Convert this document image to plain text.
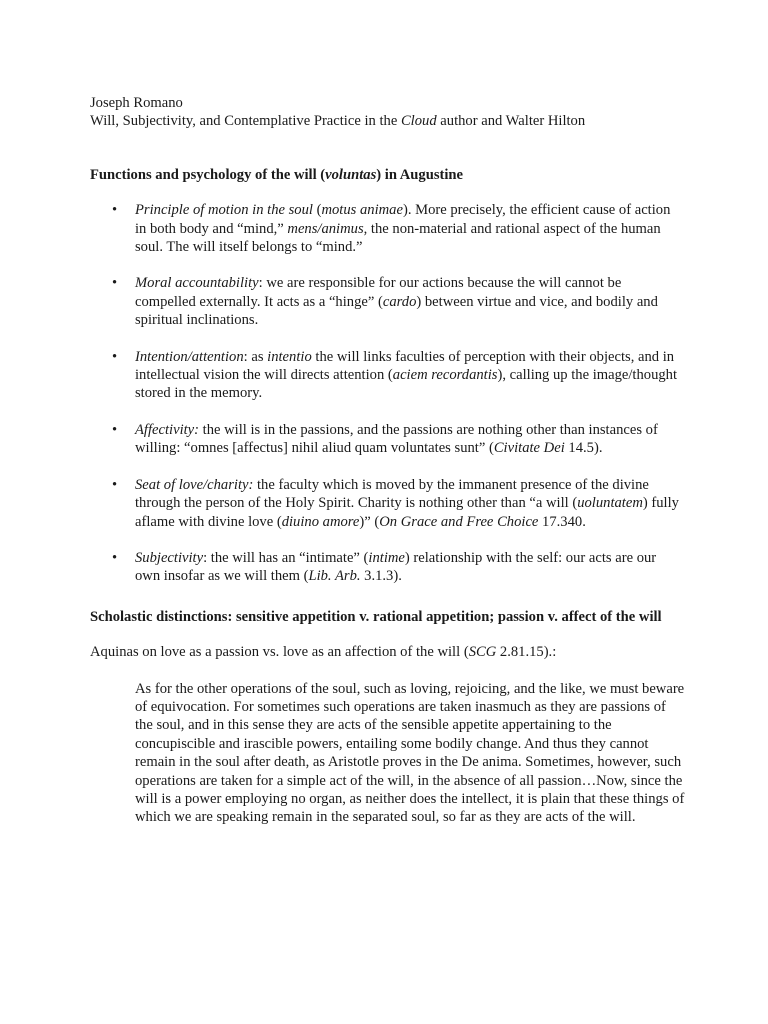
Joseph Romano
Will, Subjectivity, and Contemplative Practice in the Cloud author and Walter Hilton

Functions and psychology of the will (voluntas) in Augustine

• Principle of motion in the soul (motus animae). More precisely, the efficient cause of action in both body and “mind,” mens/animus, the non-material and rational aspect of the human soul. The will itself belongs to “mind.”
• Moral accountability: we are responsible for our actions because the will cannot be compelled externally. It acts as a “hinge” (cardo) between virtue and vice, and bodily and spiritual inclinations.
• Intention/attention: as intentio the will links faculties of perception with their objects, and in intellectual vision the will directs attention (aciem recordantis), calling up the image/thought stored in the memory.
• Affectivity: the will is in the passions, and the passions are nothing other than instances of willing: “omnes [affectus] nihil aliud quam voluntates sunt” (Civitate Dei 14.5).
• Seat of love/charity: the faculty which is moved by the immanent presence of the divine through the person of the Holy Spirit. Charity is nothing other than “a will (uoluntatem) fully aflame with divine love (diuino amore)” (On Grace and Free Choice 17.340.
• Subjectivity: the will has an “intimate” (intime) relationship with the self: our acts are our own insofar as we will them (Lib. Arb. 3.1.3).

Scholastic distinctions: sensitive appetition v. rational appetition; passion v. affect of the will

Aquinas on love as a passion vs. love as an affection of the will (SCG 2.81.15).:

As for the other operations of the soul, such as loving, rejoicing, and the like, we must beware of equivocation. For sometimes such operations are taken inasmuch as they are passions of the soul, and in this sense they are acts of the sensible appetite appertaining to the concupiscible and irascible powers, entailing some bodily change. And thus they cannot remain in the soul after death, as Aristotle proves in the De anima. Sometimes, however, such operations are taken for a simple act of the will, in the absence of all passion…Now, since the will is a power employing no organ, as neither does the intellect, it is plain that these things of which we are speaking remain in the separated soul, so far as they are acts of the will.
